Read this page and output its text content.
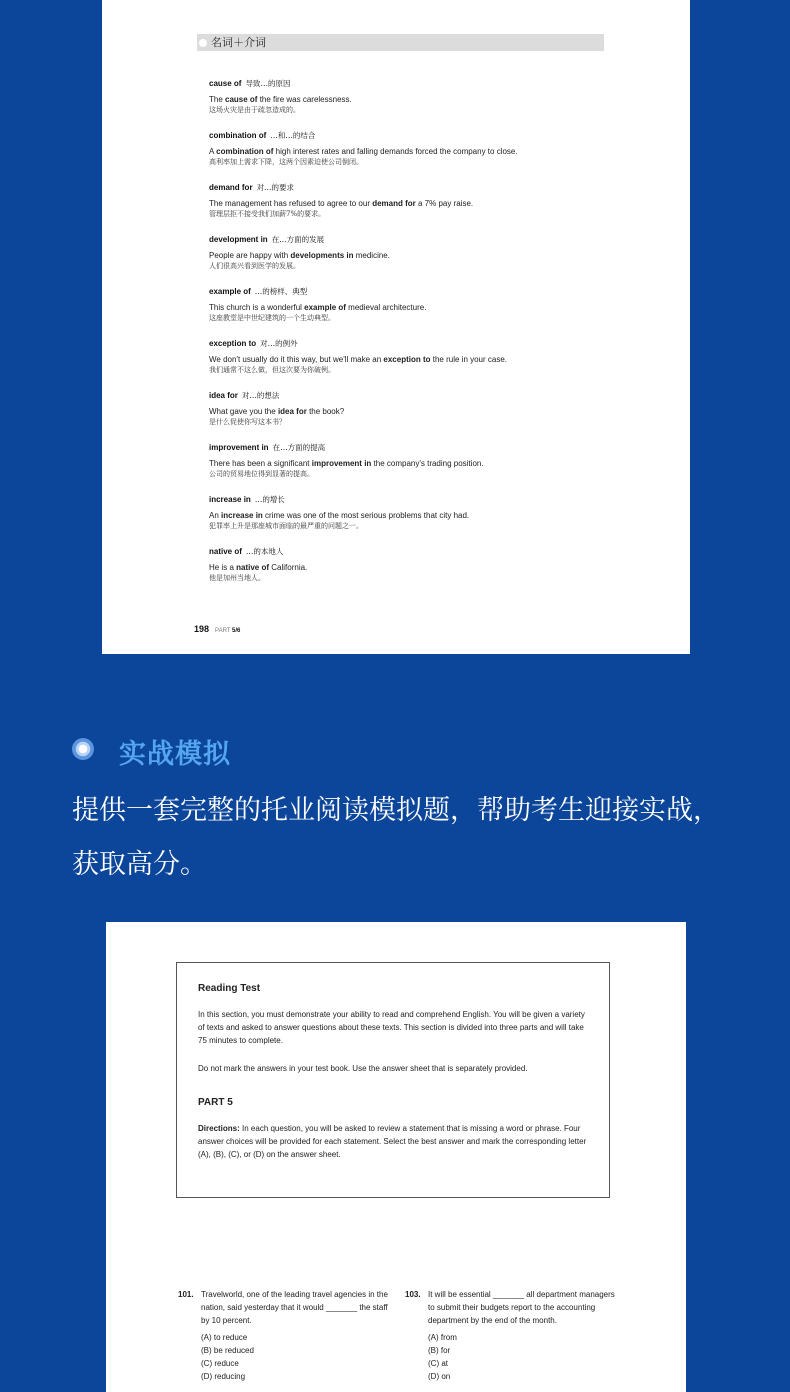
名词＋介词
cause of 导致…的原因
The cause of the fire was carelessness.
这场火灾是由于疏忽造成的。
combination of …和…的结合
A combination of high interest rates and falling demands forced the company to close.
高利率加上需求下降，这两个因素迫使公司倒闭。
demand for 对…的要求
The management has refused to agree to our demand for a 7% pay raise.
管理层拒不接受我们加薪7%的要求。
development in 在…方面的发展
People are happy with developments in medicine.
人们很高兴看到医学的发展。
example of …的榜样、典型
This church is a wonderful example of medieval architecture.
这座教堂是中世纪建筑的一个生动典型。
exception to 对…的例外
We don't usually do it this way, but we'll make an exception to the rule in your case.
我们通常不这么做，但这次要为你破例。
idea for 对…的想法
What gave you the idea for the book?
是什么促使你写这本书？
improvement in 在…方面的提高
There has been a significant improvement in the company's trading position.
公司的贸易地位得到显著的提高。
increase in …的增长
An increase in crime was one of the most serious problems that city had.
犯罪率上升是那座城市面临的最严重的问题之一。
native of …的本地人
He is a native of California.
他是加州当地人。
198 PART 5/6
实战模拟
提供一套完整的托业阅读模拟题，帮助考生迎接实战，获取高分。
Reading Test

In this section, you must demonstrate your ability to read and comprehend English. You will be given a variety of texts and asked to answer questions about these texts. This section is divided into three parts and will take 75 minutes to complete.

Do not mark the answers in your test book. Use the answer sheet that is separately provided.

PART 5

Directions: In each question, you will be asked to review a statement that is missing a word or phrase. Four answer choices will be provided for each statement. Select the best answer and mark the corresponding letter (A), (B), (C), or (D) on the answer sheet.

101. Travelworld, one of the leading travel agencies in the nation, said yesterday that it would _______ the staff by 10 percent.
(A) to reduce
(B) be reduced
(C) reduce
(D) reducing
103. It will be essential _______ all department managers to submit their budgets report to the accounting department by the end of the month.
(A) from
(B) for
(C) at
(D) on
